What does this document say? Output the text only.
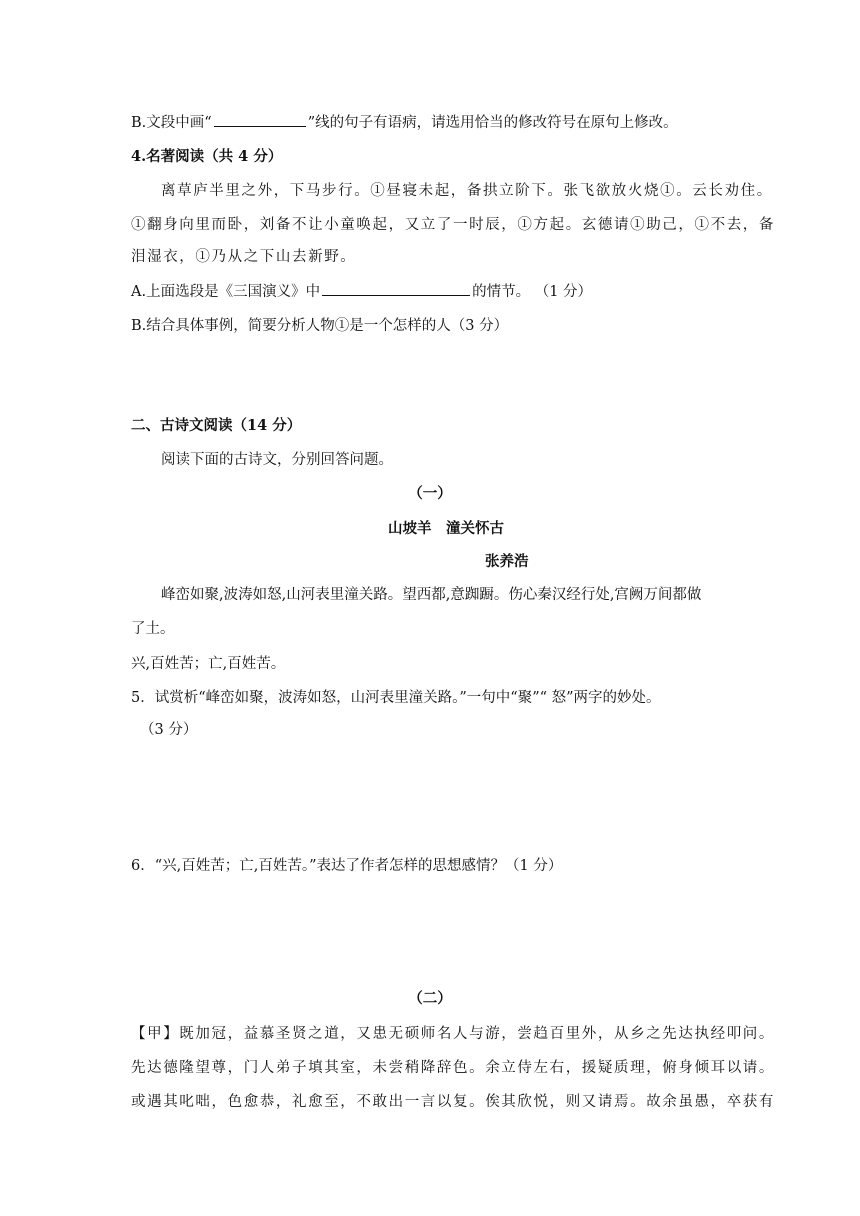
B.文段中画“	”线的句子有语病，请选用恰当的修改符号在原句上修改。
4.名著阅读（共 4 分）
离草庐半里之外，下马步行。①昼寝未起，备拱立阶下。张飞欲放火烧①。云长劝住。
①翻身向里而卧，刘备不让小童唤起，又立了一时辰，①方起。玄德请①助己，①不去，备
泪湿衣，①乃从之下山去新野。
A.上面选段是《三国演义》中	的情节。 （1 分）
B.结合具体事例，简要分析人物①是一个怎样的人（3 分）
二、古诗文阅读（14 分）
阅读下面的古诗文，分别回答问题。
（一）
山坡羊　潼关怀古
张养浩
峰峦如聚,波涛如怒,山河表里潼关路。望西都,意踟蹰。伤心秦汉经行处,宫阙万间都做
了土。
兴,百姓苦；亡,百姓苦。
5．试赏析“峰峦如聚，波涛如怒，山河表里潼关路。”一句中“聚”“ 怒”两字的妙处。
（3 分）
6．“兴,百姓苦；亡,百姓苦。”表达了作者怎样的思想感情？（1 分）
（二）
【甲】既加冠，益慕圣贤之道，又患无硕师名人与游，尝趋百里外，从乡之先达执经叩问。
先达德隆望尊，门人弟子填其室，未尝稍降辞色。余立侍左右，援疑质理，俯身倾耳以请。
或遇其叱咄，色愈恭，礼愈至，不敢出一言以复。俟其欣悦，则又请焉。故余虽愚，卒获有
